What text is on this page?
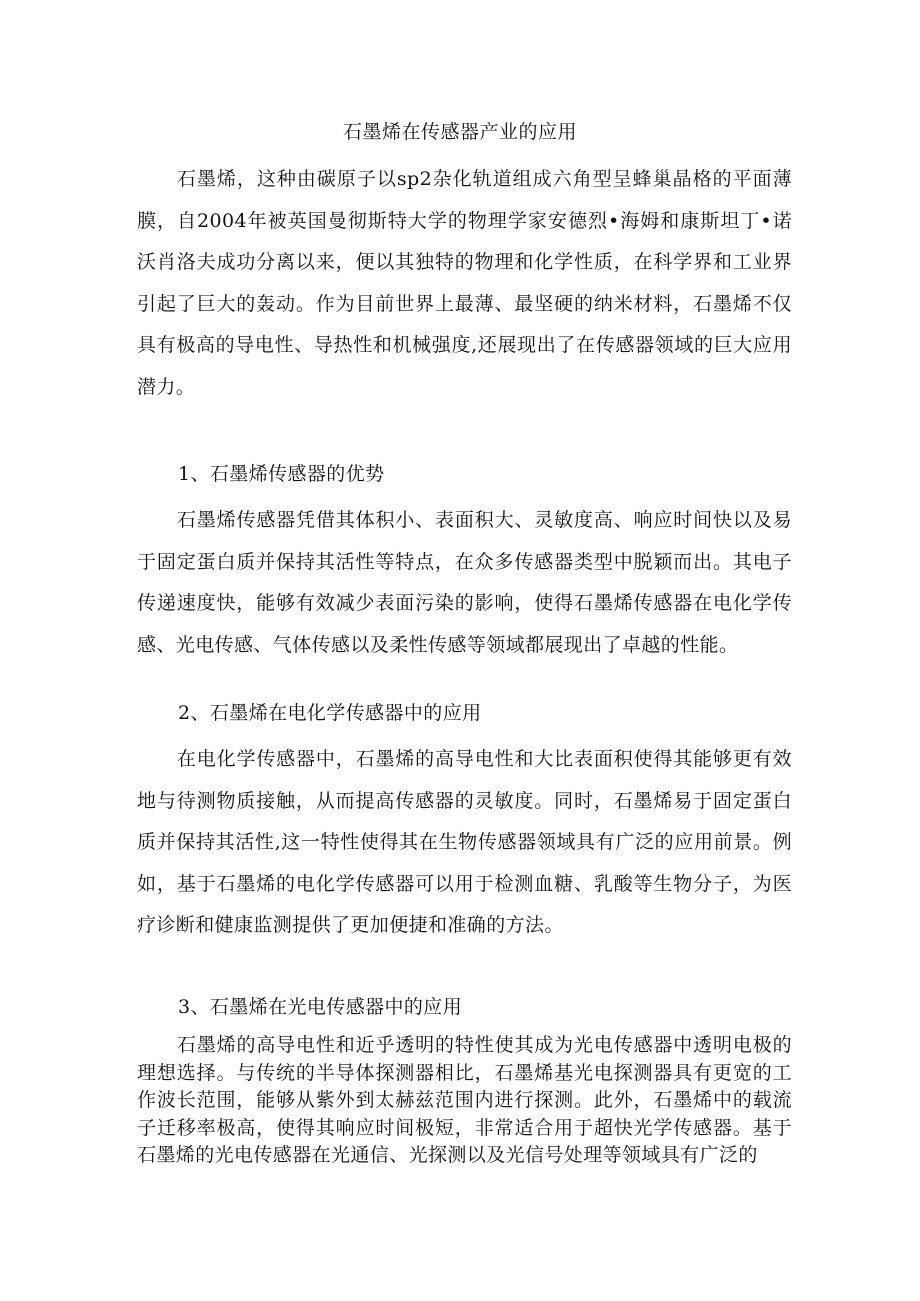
石墨烯在传感器产业的应用

石墨烯，这种由碳原子以sp2杂化轨道组成六角型呈蜂巢晶格的平面薄膜，自2004年被英国曼彻斯特大学的物理学家安德烈•海姆和康斯坦丁•诺沃肖洛夫成功分离以来，便以其独特的物理和化学性质，在科学界和工业界引起了巨大的轰动。作为目前世界上最薄、最坚硬的纳米材料，石墨烯不仅具有极高的导电性、导热性和机械强度,还展现出了在传感器领域的巨大应用潜力。

1、石墨烯传感器的优势

石墨烯传感器凭借其体积小、表面积大、灵敏度高、响应时间快以及易于固定蛋白质并保持其活性等特点，在众多传感器类型中脱颖而出。其电子传递速度快，能够有效减少表面污染的影响，使得石墨烯传感器在电化学传感、光电传感、气体传感以及柔性传感等领域都展现出了卓越的性能。

2、石墨烯在电化学传感器中的应用

在电化学传感器中，石墨烯的高导电性和大比表面积使得其能够更有效地与待测物质接触，从而提高传感器的灵敏度。同时，石墨烯易于固定蛋白质并保持其活性,这一特性使得其在生物传感器领域具有广泛的应用前景。例如，基于石墨烯的电化学传感器可以用于检测血糖、乳酸等生物分子，为医疗诊断和健康监测提供了更加便捷和准确的方法。

3、石墨烯在光电传感器中的应用

石墨烯的高导电性和近乎透明的特性使其成为光电传感器中透明电极的理想选择。与传统的半导体探测器相比，石墨烯基光电探测器具有更宽的工作波长范围，能够从紫外到太赫兹范围内进行探测。此外，石墨烯中的载流子迁移率极高，使得其响应时间极短，非常适合用于超快光学传感器。基于石墨烯的光电传感器在光通信、光探测以及光信号处理等领域具有广泛的
